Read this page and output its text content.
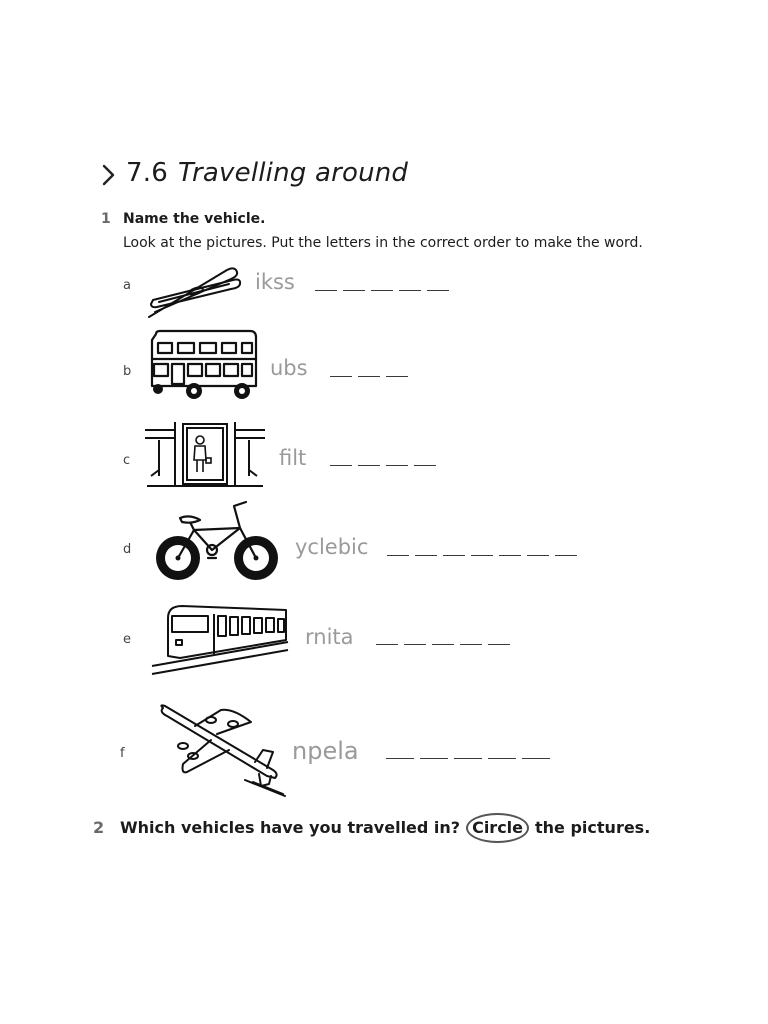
7.6 Travelling around
1 Name the vehicle.
Look at the pictures. Put the letters in the correct order to make the word.
a	ikss
b	ubs
c	filt
d	yclebic
e	rnita
f	npela
2 Which vehicles have you travelled in? Circle the pictures.
